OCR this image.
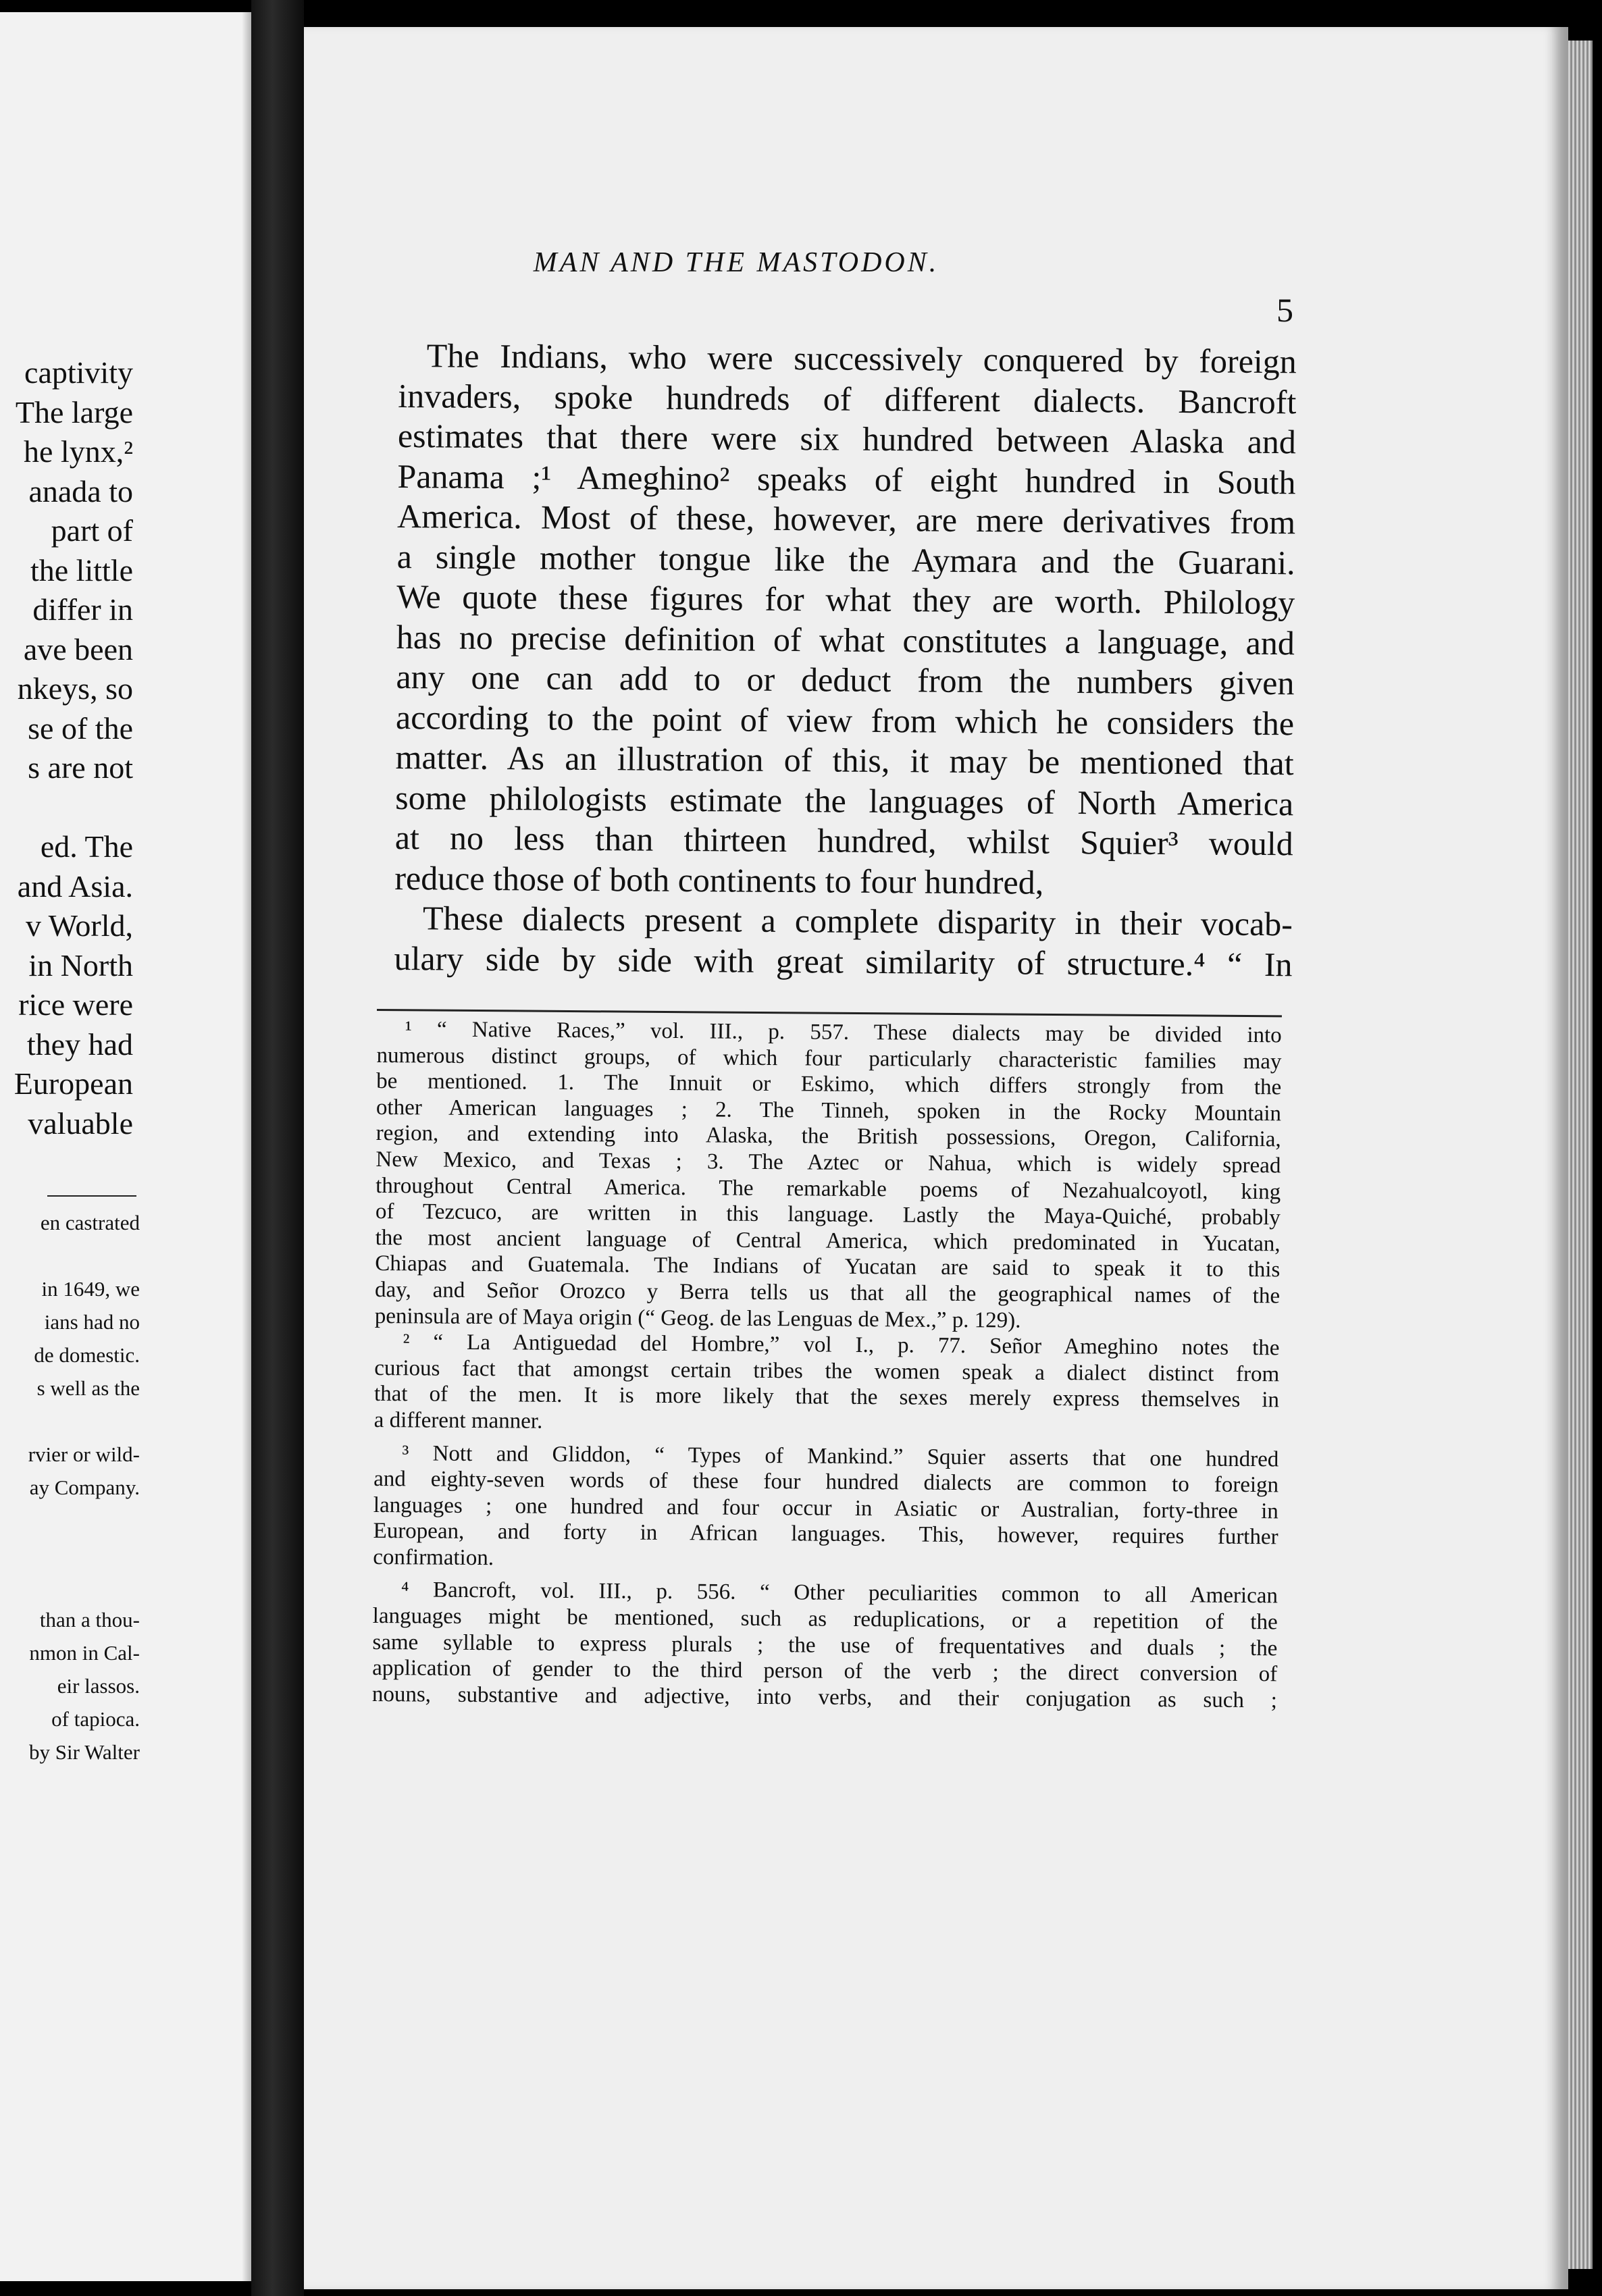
captivity
The large
he lynx,²
anada to
part of
the little
differ in
ave been
nkeys, so
se of the
s are not

ed. The
and Asia.
v World,
in North
rice were
they had
European
valuable
en castrated

in 1649, we
ians had no
de domestic.
s well as the

rvier or wild-
ay Company.

than a thou-
nmon in Cal-
eir lassos.
of tapioca.
by Sir Walter
MAN AND THE MASTODON.
5
The Indians, who were successively conquered by foreign
invaders, spoke hundreds of different dialects. Bancroft
estimates that there were six hundred between Alaska and
Panama ;¹ Ameghino² speaks of eight hundred in South
America. Most of these, however, are mere derivatives from
a single mother tongue like the Aymara and the Guarani.
We quote these figures for what they are worth. Philology
has no precise definition of what constitutes a language, and
any one can add to or deduct from the numbers given
according to the point of view from which he considers the
matter. As an illustration of this, it may be mentioned that
some philologists estimate the languages of North America
at no less than thirteen hundred, whilst Squier³ would
reduce those of both continents to four hundred,
These dialects present a complete disparity in their vocab-
ulary side by side with great similarity of structure.⁴ “ In
¹ “ Native Races,” vol. III., p. 557. These dialects may be divided into
numerous distinct groups, of which four particularly characteristic families may
be mentioned. 1. The Innuit or Eskimo, which differs strongly from the
other American languages ; 2. The Tinneh, spoken in the Rocky Mountain
region, and extending into Alaska, the British possessions, Oregon, California,
New Mexico, and Texas ; 3. The Aztec or Nahua, which is widely spread
throughout Central America. The remarkable poems of Nezahualcoyotl, king
of Tezcuco, are written in this language. Lastly the Maya-Quiché, probably
the most ancient language of Central America, which predominated in Yucatan,
Chiapas and Guatemala. The Indians of Yucatan are said to speak it to this
day, and Señor Orozco y Berra tells us that all the geographical names of the
peninsula are of Maya origin (“ Geog. de las Lenguas de Mex.,” p. 129).
² “ La Antiguedad del Hombre,” vol I., p. 77. Señor Ameghino notes the
curious fact that amongst certain tribes the women speak a dialect distinct from
that of the men. It is more likely that the sexes merely express themselves in
a different manner.
³ Nott and Gliddon, “ Types of Mankind.” Squier asserts that one hundred
and eighty-seven words of these four hundred dialects are common to foreign
languages ; one hundred and four occur in Asiatic or Australian, forty-three in
European, and forty in African languages. This, however, requires further
confirmation.
⁴ Bancroft, vol. III., p. 556. “ Other peculiarities common to all American
languages might be mentioned, such as reduplications, or a repetition of the
same syllable to express plurals ; the use of frequentatives and duals ; the
application of gender to the third person of the verb ; the direct conversion of
nouns, substantive and adjective, into verbs, and their conjugation as such ;
